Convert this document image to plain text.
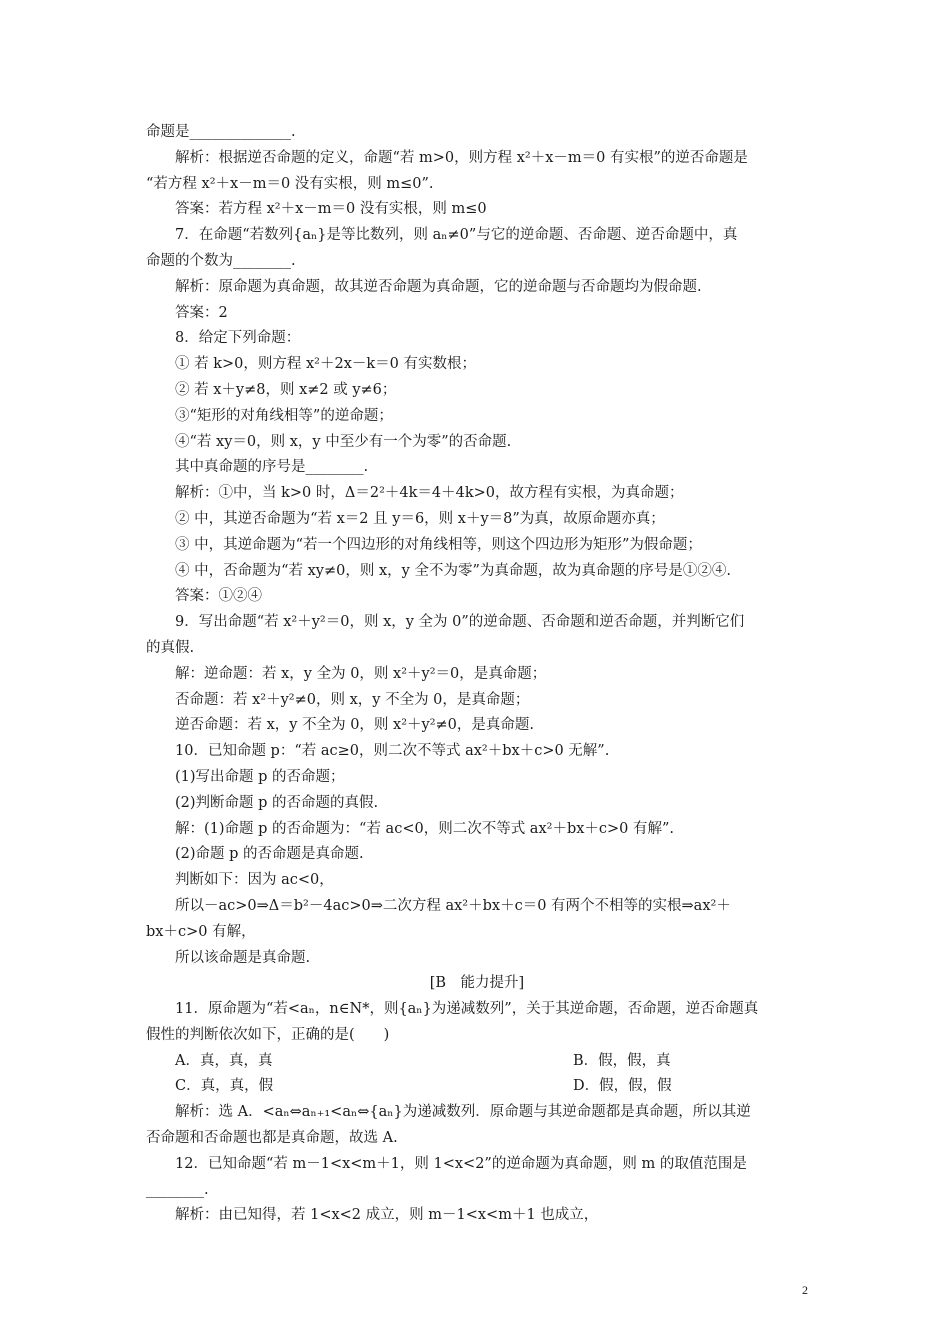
命题是______________.
解析：根据逆否命题的定义，命题“若 m>0，则方程 x²＋x－m＝0 有实根”的逆否命题是
“若方程 x²＋x－m＝0 没有实根，则 m≤0”.
答案：若方程 x²＋x－m＝0 没有实根，则 m≤0
7．在命题“若数列{aₙ}是等比数列，则 aₙ≠0”与它的逆命题、否命题、逆否命题中，真
命题的个数为________.
解析：原命题为真命题，故其逆否命题为真命题，它的逆命题与否命题均为假命题.
答案：2
8．给定下列命题：
① 若 k>0，则方程 x²＋2x－k＝0 有实数根；
② 若 x＋y≠8，则 x≠2 或 y≠6；
③“矩形的对角线相等”的逆命题；
④“若 xy＝0，则 x，y 中至少有一个为零”的否命题.
其中真命题的序号是________.
解析：①中，当 k>0 时，Δ＝2²＋4k＝4＋4k>0，故方程有实根，为真命题；
② 中，其逆否命题为“若 x＝2 且 y＝6，则 x＋y＝8”为真，故原命题亦真；
③ 中，其逆命题为“若一个四边形的对角线相等，则这个四边形为矩形”为假命题；
④ 中，否命题为“若 xy≠0，则 x，y 全不为零”为真命题，故为真命题的序号是①②④.
答案：①②④
9．写出命题“若 x²＋y²＝0，则 x，y 全为 0”的逆命题、否命题和逆否命题，并判断它们
的真假.
解：逆命题：若 x，y 全为 0，则 x²＋y²＝0，是真命题；
否命题：若 x²＋y²≠0，则 x，y 不全为 0，是真命题；
逆否命题：若 x，y 不全为 0，则 x²＋y²≠0，是真命题.
10．已知命题 p：“若 ac≥0，则二次不等式 ax²＋bx＋c>0 无解”.
(1)写出命题 p 的否命题；
(2)判断命题 p 的否命题的真假.
解：(1)命题 p 的否命题为：“若 ac<0，则二次不等式 ax²＋bx＋c>0 有解”.
(2)命题 p 的否命题是真命题.
判断如下：因为 ac<0，
所以－ac>0⇒Δ＝b²－4ac>0⇒二次方程 ax²＋bx＋c＝0 有两个不相等的实根⇒ax²＋
bx＋c>0 有解，
所以该命题是真命题.
[B　能力提升]
11．原命题为“若<aₙ，n∈N*，则{aₙ}为递减数列”，关于其逆命题，否命题，逆否命题真
假性的判断依次如下，正确的是(　　)
A．真，真，真	B．假，假，真
C．真，真，假	D．假，假，假
解析：选 A．<aₙ⇔aₙ₊₁<aₙ⇔{aₙ}为递减数列．原命题与其逆命题都是真命题，所以其逆
否命题和否命题也都是真命题，故选 A.
12．已知命题“若 m－1<x<m＋1，则 1<x<2”的逆命题为真命题，则 m 的取值范围是
________.
解析：由已知得，若 1<x<2 成立，则 m－1<x<m＋1 也成立，
2
